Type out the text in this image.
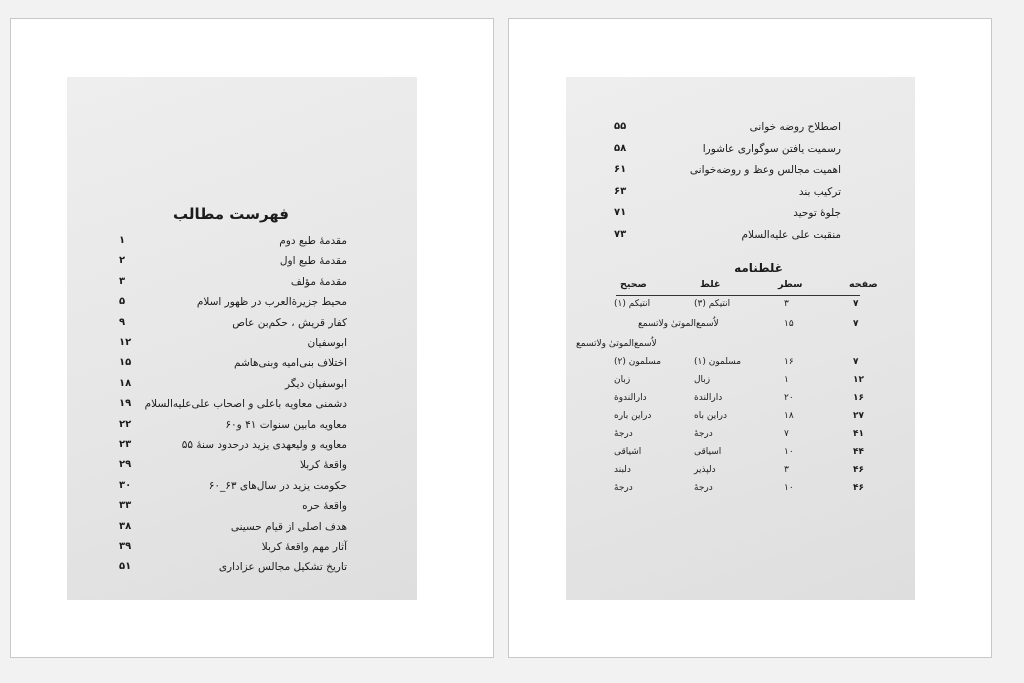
فهرست مطالب
مقدمهٔ طبع دوم
۱
مقدمهٔ طبع اول
۲
مقدمهٔ مؤلف
۳
محیط جزیرة‌العرب در ظهور اسلام
۵
کفار قریش ، حکم‌بن عاص
۹
ابوسفیان
۱۲
اختلاف بنی‌امیه وبنی‌هاشم
۱۵
ابوسفیان دیگر
۱۸
دشمنی معاویه باعلی و اصحاب علی‌علیه‌السلام
۱۹
معاویه مابین سنوات ۴۱ و۶۰
۲۲
معاویه و ولیعهدی یزید درحدود سنهٔ ۵۵
۲۳
واقعهٔ کربلا
۲۹
حکومت یزید در سال‌های ۶۳_۶۰
۳۰
واقعهٔ حره
۳۳
هدف اصلی از قیام حسینی
۳۸
آثار مهم واقعهٔ کربلا
۳۹
تاریخ تشکیل مجالس عزاداری
۵۱
اصطلاح روضه خوانی
۵۵
رسمیت یافتن سوگواری عاشورا
۵۸
اهمیت مجالس وعظ و روضه‌خوانی
۶۱
ترکیب بند
۶۳
جلوهٔ توحید
۷۱
منقبت علی علیه‌السلام
۷۳
غلطنامه
صفحه
سطر
غلط
صحیح
۷
۳
انتیکم (۳)
انتیکم (۱)
۷
۱۵
لاُسمع‌الموتیٰ ولاتسمع
لاُسمع‌الموتیٰ ولاتسمع
۷
۱۶
مسلمون (۱)
مسلمون (۲)
۱۲
۱
زبال
زبان
۱۶
۲۰
دارالندة
دارالندوة
۲۷
۱۸
دراین باه
دراین باره
۴۱
۷
درجهٔ
درجهٔ
۴۴
۱۰
اسیاقی
اشیاقی
۴۶
۳
دلپذیر
دلبند
۴۶
۱۰
درجهٔ
درجهٔ
